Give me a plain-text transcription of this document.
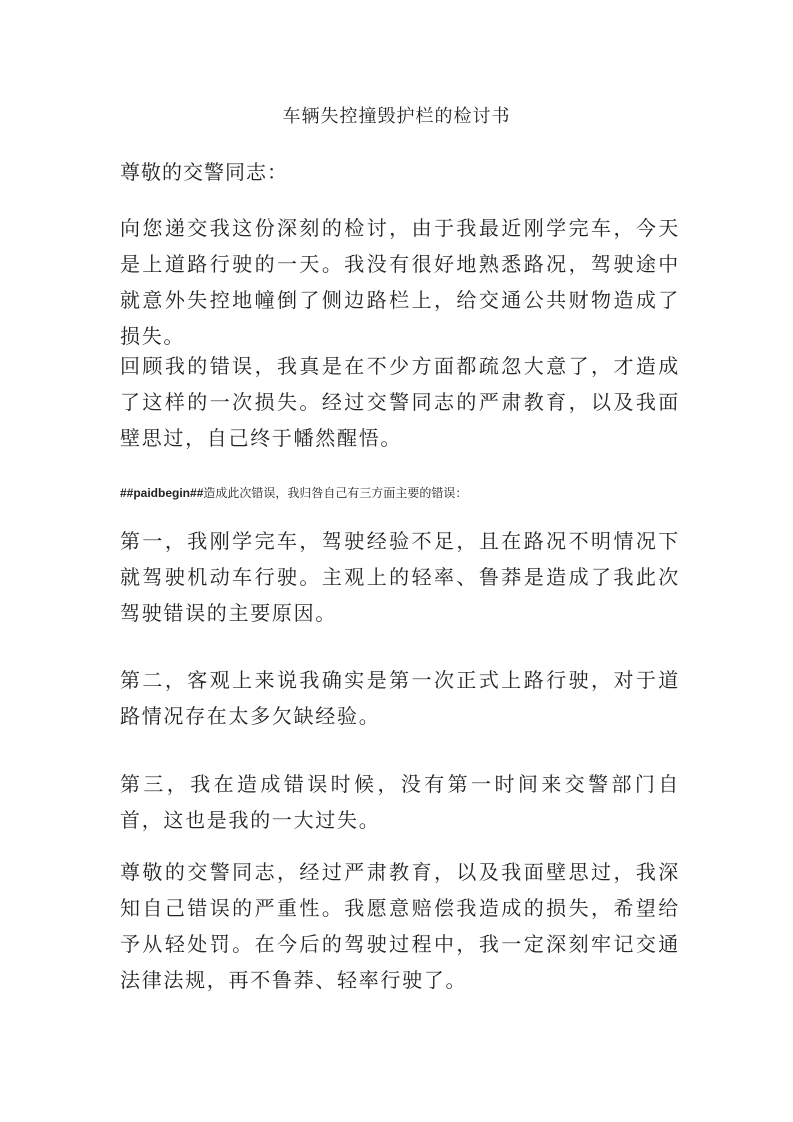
车辆失控撞毁护栏的检讨书
尊敬的交警同志：
向您递交我这份深刻的检讨，由于我最近刚学完车，今天是上道路行驶的一天。我没有很好地熟悉路况，驾驶途中就意外失控地幢倒了侧边路栏上，给交通公共财物造成了损失。
回顾我的错误，我真是在不少方面都疏忽大意了，才造成了这样的一次损失。经过交警同志的严肃教育，以及我面壁思过，自己终于幡然醒悟。
##paidbegin##造成此次错误，我归咎自己有三方面主要的错误：
第一，我刚学完车，驾驶经验不足，且在路况不明情况下就驾驶机动车行驶。主观上的轻率、鲁莽是造成了我此次驾驶错误的主要原因。
第二，客观上来说我确实是第一次正式上路行驶，对于道路情况存在太多欠缺经验。
第三，我在造成错误时候，没有第一时间来交警部门自首，这也是我的一大过失。
尊敬的交警同志，经过严肃教育，以及我面壁思过，我深知自己错误的严重性。我愿意赔偿我造成的损失，希望给予从轻处罚。在今后的驾驶过程中，我一定深刻牢记交通法律法规，再不鲁莽、轻率行驶了。
